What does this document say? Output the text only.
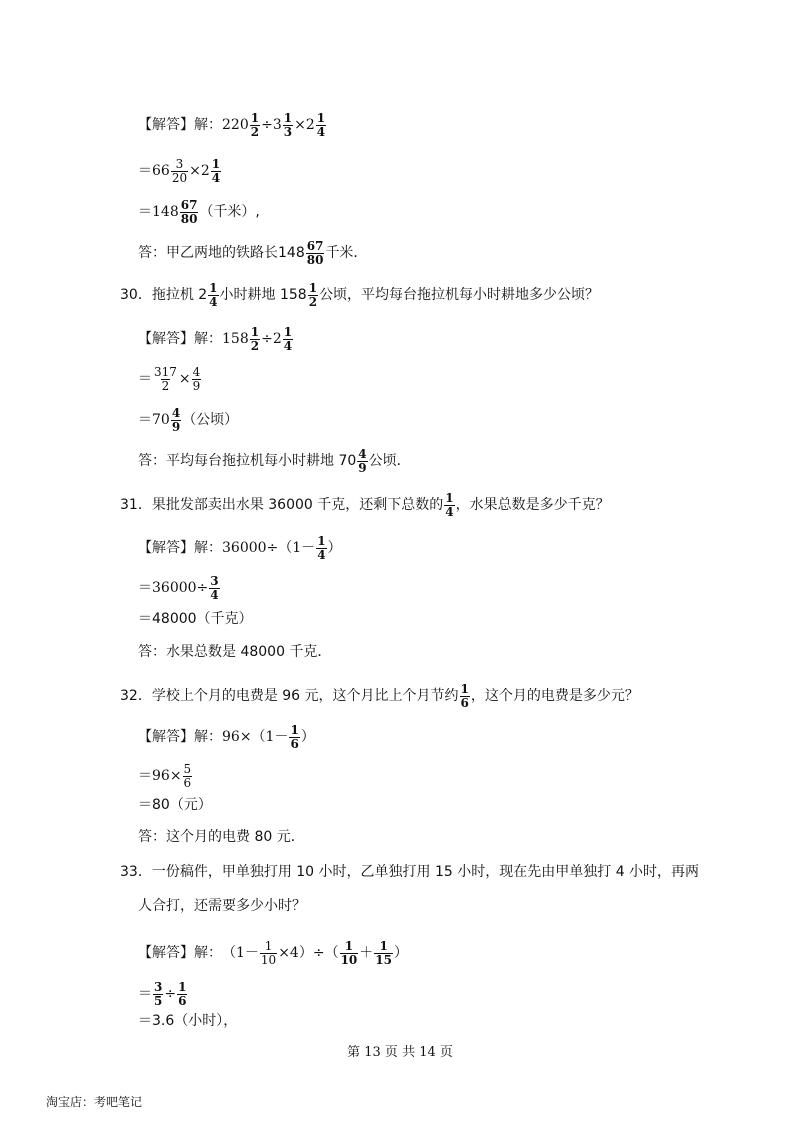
【解答】 解： $220 \frac{1}{2} \div 3 \frac{1}{3} \times 2 \frac{1}{4}$
$=66 \frac{3}{20} \times 2 \frac{1}{4}$
$=148 \frac{67}{80}$ （千米）,
答：甲乙两地的铁路长$148 \frac{67}{80}$ 千米．
30．拖拉机 $2 \frac{1}{4}$ 小时耕地 $158 \frac{1}{2}$ 公顷，平均每台拖拉机每小时耕地多少公顷？
【解答】 解： $158 \frac{1}{2} \div 2 \frac{1}{4}$
＝ $\frac{317}{2} \times \frac{4}{9}$
$=70 \frac{4}{9}$ （公顷）
答：平均每台拖拉机每小时耕地 $70 \frac{4}{9}$ 公顷．
31．果批发部卖出水果 36000 千克，还剩下总数的 $\frac{1}{4}$ ，水果总数是多少千克？
【解答】 解： $36000\div(1- \frac{1}{4}$ ）
$=36000\div \frac{3}{4}$
＝48000（千克）
答：水果总数是 48000 千克．
32．学校上个月的电费是 96 元，这个月比上个月节约 $\frac{1}{6}$ ，这个月的电费是多少元？
【解答】 解： $96\times(1- \frac{1}{6}$ ）
$=96\times \frac{5}{6}$
＝80（元）
答：这个月的电费 80 元．
33．一份稿件，甲单独打用 10 小时，乙单独打用 15 小时，现在先由甲单独打 4 小时，再两
人合打，还需要多少小时？
【解答】 解： $(1- \frac{1}{10} \times 4)\div( \frac{1}{10} + \frac{1}{15}$ ）
＝ $\frac{3}{5} \div \frac{1}{6}$
＝3.6（小时），
第 13 页 共 14 页
淘宝店：考吧笔记
